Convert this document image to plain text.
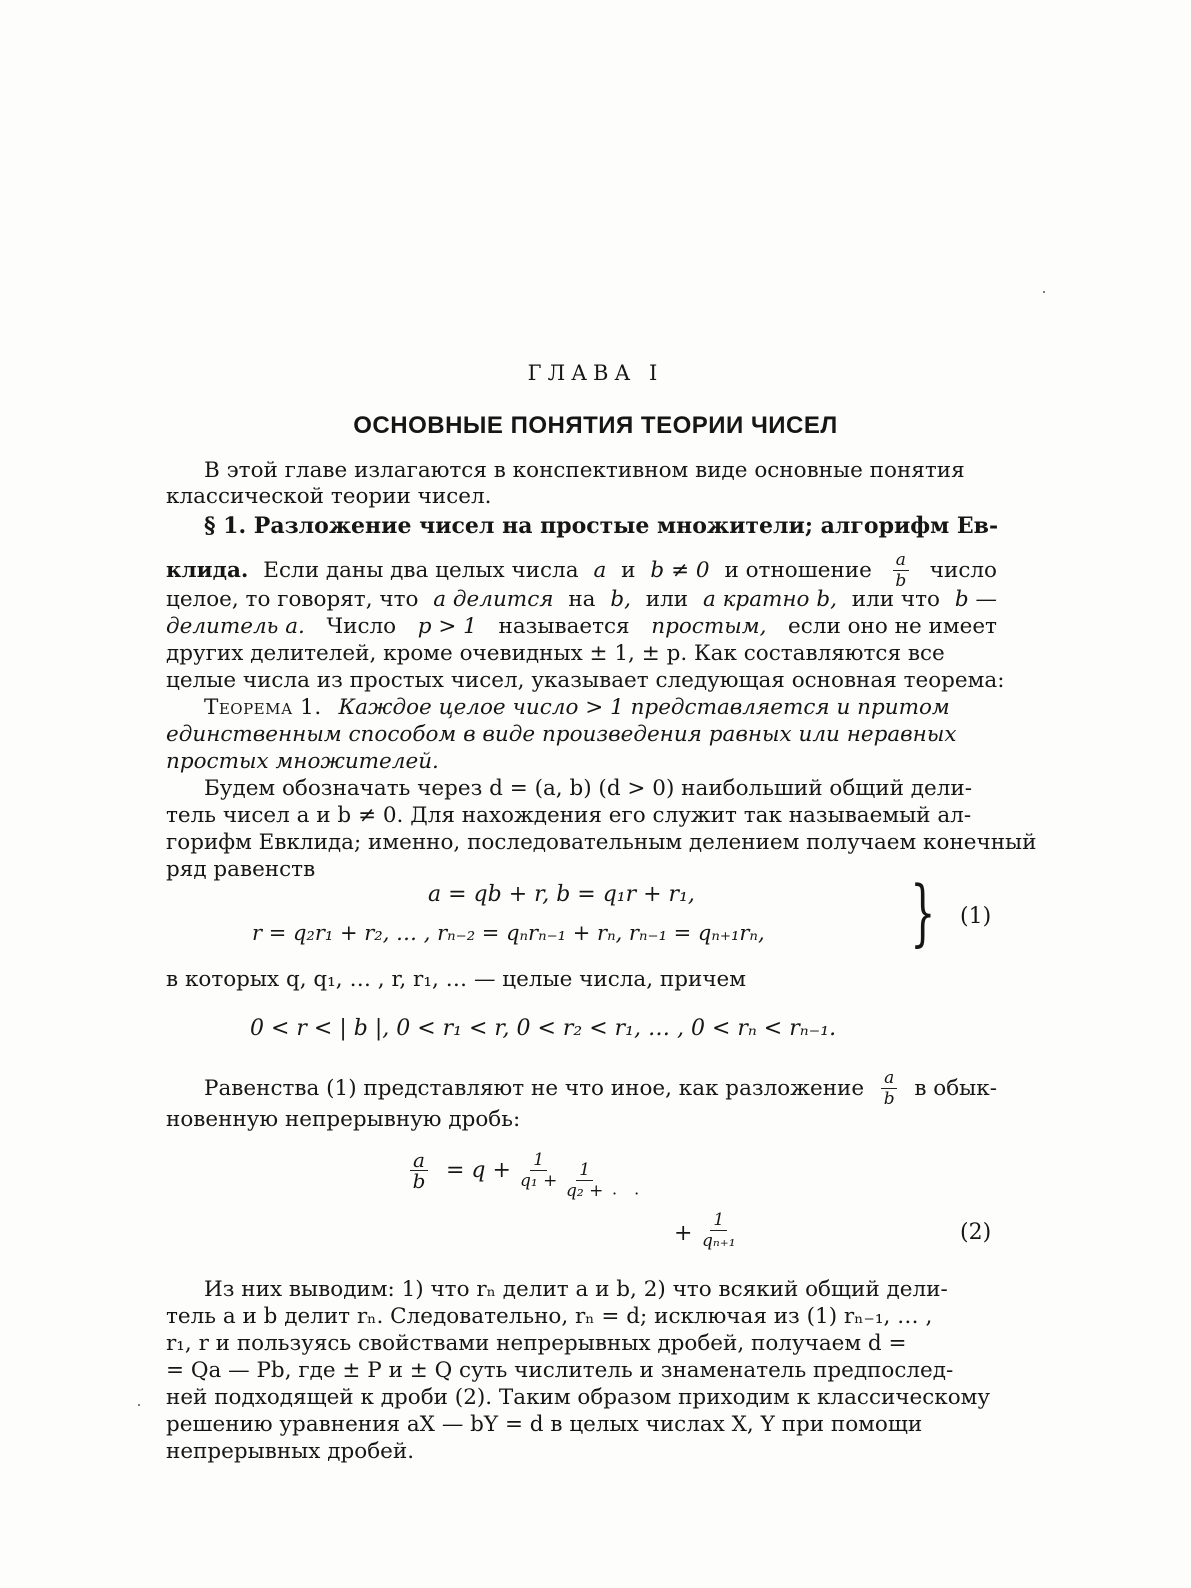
ГЛАВА I
ОСНОВНЫЕ ПОНЯТИЯ ТЕОРИИ ЧИСЕЛ
В этой главе излагаются в конспективном виде основные понятия
классической теории чисел.
§ 1. Разложение чисел на простые множители; алгорифм Ев-
клида. Если даны два целых числа a и b ≠ 0 и отношение $\frac{a}{b}$ число
целое, то говорят, что a делится на b, или a кратно b, или что b —
делитель a. Число p > 1 называется простым, если оно не имеет
других делителей, кроме очевидных ± 1, ± p. Как составляются все
целые числа из простых чисел, указывает следующая основная теорема:
Теорема 1. Каждое целое число > 1 представляется и притом
единственным способом в виде произведения равных или неравных
простых множителей.
Будем обозначать через d = (a, b) (d > 0) наибольший общий дели-
тель чисел a и b ≠ 0. Для нахождения его служит так называемый ал-
горифм Евклида; именно, последовательным делением получаем конечный
ряд равенств
a = qb + r, b = q₁r + r₁,
r = q₂r₁ + r₂, … , rₙ₋₂ = qₙrₙ₋₁ + rₙ, rₙ₋₁ = qₙ₊₁rₙ, } (1)
в которых q, q₁, … , r, r₁, … — целые числа, причем
0 < r < | b |, 0 < r₁ < r, 0 < r₂ < r₁, … , 0 < rₙ < rₙ₋₁.
Равенства (1) представляют не что иное, как разложение $\frac{a}{b}$ в обык-
новенную непрерывную дробь:
$\frac{a}{b} = q + \frac{1}{\text{q₁ +}} \frac{1}{\text{q₂ +}}$ · ·
+ $\frac{1}{\text{qₙ₊₁}}$	(2)
Из них выводим: 1) что rₙ делит a и b, 2) что всякий общий дели-
тель a и b делит rₙ. Следовательно, rₙ = d; исключая из (1) rₙ₋₁, … ,
r₁, r и пользуясь свойствами непрерывных дробей, получаем d =
= Qa — Pb, где ± P и ± Q суть числитель и знаменатель предпослед-
ней подходящей к дроби (2). Таким образом приходим к классическому
решению уравнения aX — bY = d в целых числах X, Y при помощи
непрерывных дробей.
